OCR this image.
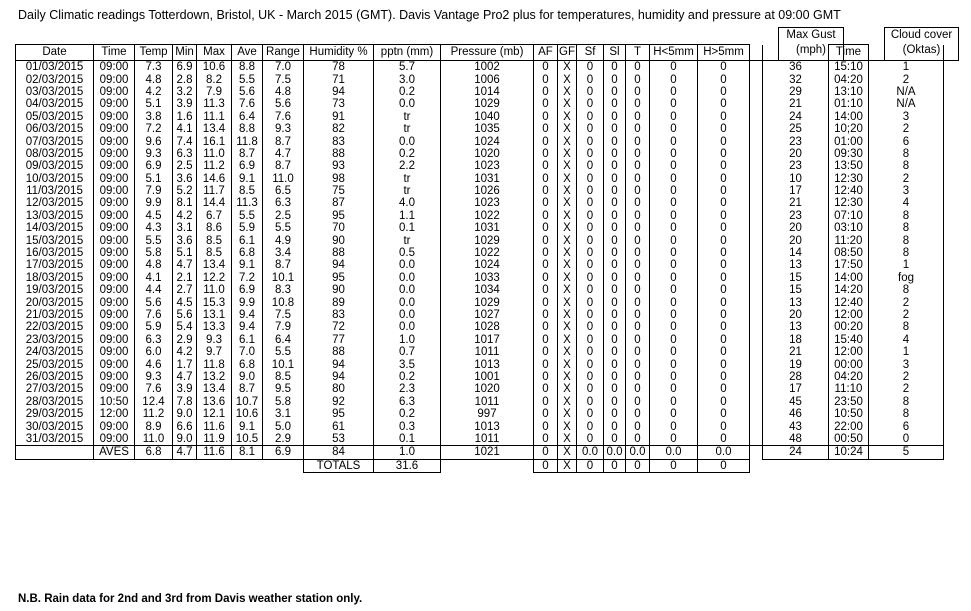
Daily Climatic readings Totterdown, Bristol, UK - March 2015 (GMT). Davis Vantage Pro2 plus for temperatures, humidity and pressure at 09:00 GMT
Max Gust
(mph)
Cloud cover
(Oktas)
Date	Time	Temp	Min	Max	Ave	Range	Humidity %	pptn (mm)	Pressure (mb)	AF	GF	Sf	Sl	T	H<5mm	H>5mm			Time	
01/03/2015	09:00	7.3	6.9	10.6	8.8	7.0	78	5.7	1002	0	X	0	0	0	0	0		36	15:10	1
02/03/2015	09:00	4.8	2.8	8.2	5.5	7.5	71	3.0	1006	0	X	0	0	0	0	0		32	04:20	2
03/03/2015	09:00	4.2	3.2	7.9	5.6	4.8	94	0.2	1014	0	X	0	0	0	0	0		29	13:10	N/A
04/03/2015	09:00	5.1	3.9	11.3	7.6	5.6	73	0.0	1029	0	X	0	0	0	0	0		21	01:10	N/A
05/03/2015	09:00	3.8	1.6	11.1	6.4	7.6	91	tr	1040	0	X	0	0	0	0	0		24	14:00	3
06/03/2015	09:00	7.2	4.1	13.4	8.8	9.3	82	tr	1035	0	X	0	0	0	0	0		25	10;20	2
07/03/2015	09:00	9.6	7.4	16.1	11.8	8.7	83	0.0	1024	0	X	0	0	0	0	0		23	01:00	6
08/03/2015	09:00	9.3	6.3	11.0	8.7	4.7	88	0.2	1020	0	X	0	0	0	0	0		20	09:30	8
09/03/2015	09:00	6.9	2.5	11.2	6.9	8.7	93	2.2	1023	0	X	0	0	0	0	0		23	13:50	8
10/03/2015	09:00	5.1	3.6	14.6	9.1	11.0	98	tr	1031	0	X	0	0	0	0	0		10	12:30	2
11/03/2015	09:00	7.9	5.2	11.7	8.5	6.5	75	tr	1026	0	X	0	0	0	0	0		17	12:40	3
12/03/2015	09:00	9.9	8.1	14.4	11.3	6.3	87	4.0	1023	0	X	0	0	0	0	0		21	12:30	4
13/03/2015	09:00	4.5	4.2	6.7	5.5	2.5	95	1.1	1022	0	X	0	0	0	0	0		23	07:10	8
14/03/2015	09:00	4.3	3.1	8.6	5.9	5.5	70	0.1	1031	0	X	0	0	0	0	0		20	03:10	8
15/03/2015	09:00	5.5	3.6	8.5	6.1	4.9	90	tr	1029	0	X	0	0	0	0	0		20	11:20	8
16/03/2015	09:00	5.8	5.1	8.5	6.8	3.4	88	0.5	1022	0	X	0	0	0	0	0		14	08:50	8
17/03/2015	09:00	4.8	4.7	13.4	9.1	8.7	94	0.0	1024	0	X	0	0	0	0	0		13	17:50	1
18/03/2015	09:00	4.1	2.1	12.2	7.2	10.1	95	0.0	1033	0	X	0	0	0	0	0		15	14:00	fog
19/03/2015	09:00	4.4	2.7	11.0	6.9	8.3	90	0.0	1034	0	X	0	0	0	0	0		15	14:20	8
20/03/2015	09:00	5.6	4.5	15.3	9.9	10.8	89	0.0	1029	0	X	0	0	0	0	0		13	12:40	2
21/03/2015	09:00	7.6	5.6	13.1	9.4	7.5	83	0.0	1027	0	X	0	0	0	0	0		20	12:00	2
22/03/2015	09:00	5.9	5.4	13.3	9.4	7.9	72	0.0	1028	0	X	0	0	0	0	0		13	00:20	8
23/03/2015	09:00	6.3	2.9	9.3	6.1	6.4	77	1.0	1017	0	X	0	0	0	0	0		18	15:40	4
24/03/2015	09:00	6.0	4.2	9.7	7.0	5.5	88	0.7	1011	0	X	0	0	0	0	0		21	12:00	1
25/03/2015	09:00	4.6	1.7	11.8	6.8	10.1	94	3.5	1013	0	X	0	0	0	0	0		19	00:00	3
26/03/2015	09:00	9.3	4.7	13.2	9.0	8.5	94	0.2	1001	0	X	0	0	0	0	0		28	04:20	2
27/03/2015	09:00	7.6	3.9	13.4	8.7	9.5	80	2.3	1020	0	X	0	0	0	0	0		17	11:10	2
28/03/2015	10:50	12.4	7.8	13.6	10.7	5.8	92	6.3	1011	0	X	0	0	0	0	0		45	23:50	8
29/03/2015	12:00	11.2	9.0	12.1	10.6	3.1	95	0.2	997	0	X	0	0	0	0	0		46	10:50	8
30/03/2015	09:00	8.9	6.6	11.6	9.1	5.0	61	0.3	1013	0	X	0	0	0	0	0		43	22:00	6
31/03/2015	09:00	11.0	9.0	11.9	10.5	2.9	53	0.1	1011	0	X	0	0	0	0	0		48	00:50	0
	AVES	6.8	4.7	11.6	8.1	6.9	84	1.0	1021	0	X	0.0	0.0	0.0	0.0	0.0		24	10:24	5
							TOTALS	31.6		0	X	0	0	0	0	0				
N.B. Rain data for 2nd and 3rd from Davis weather station only.
